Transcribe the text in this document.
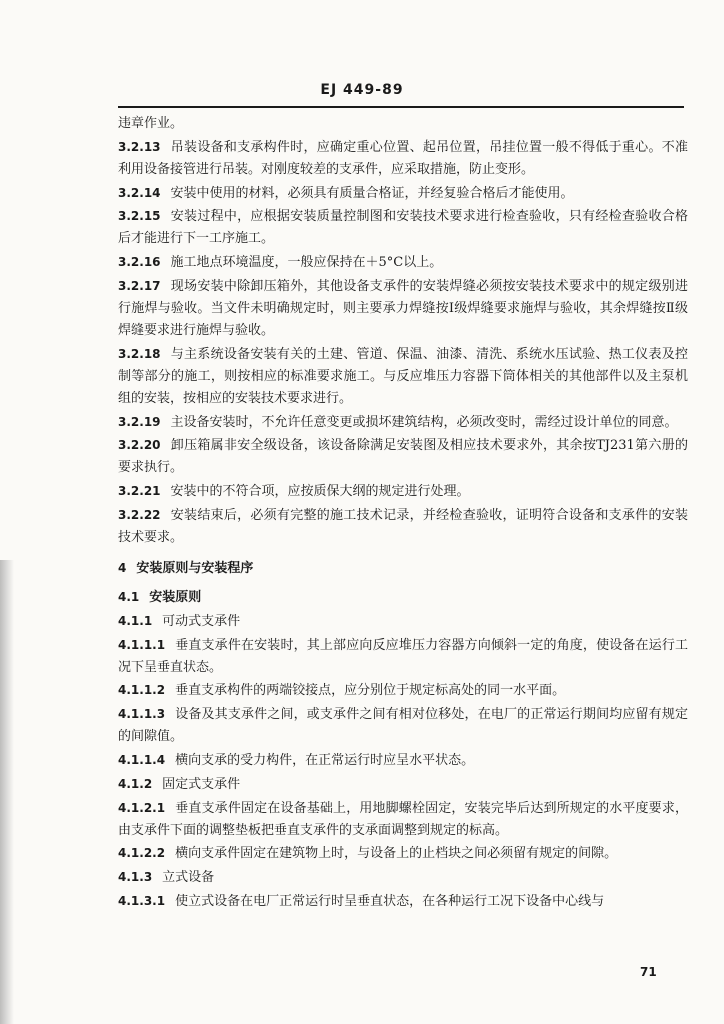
EJ 449-89

违章作业。

3.2.13 吊装设备和支承构件时，应确定重心位置、起吊位置，吊挂位置一般不得低于重心。不准利用设备接管进行吊装。对刚度较差的支承件，应采取措施，防止变形。

3.2.14 安装中使用的材料，必须具有质量合格证，并经复验合格后才能使用。

3.2.15 安装过程中，应根据安装质量控制图和安装技术要求进行检查验收，只有经检查验收合格后才能进行下一工序施工。

3.2.16 施工地点环境温度，一般应保持在＋5°C以上。

3.2.17 现场安装中除卸压箱外，其他设备支承件的安装焊缝必须按安装技术要求中的规定级别进行施焊与验收。当文件未明确规定时，则主要承力焊缝按Ⅰ级焊缝要求施焊与验收，其余焊缝按Ⅱ级焊缝要求进行施焊与验收。

3.2.18 与主系统设备安装有关的土建、管道、保温、油漆、清洗、系统水压试验、热工仪表及控制等部分的施工，则按相应的标准要求施工。与反应堆压力容器下筒体相关的其他部件以及主泵机组的安装，按相应的安装技术要求进行。

3.2.19 主设备安装时，不允许任意变更或损坏建筑结构，必须改变时，需经过设计单位的同意。

3.2.20 卸压箱属非安全级设备，该设备除满足安装图及相应技术要求外，其余按TJ231第六册的要求执行。

3.2.21 安装中的不符合项，应按质保大纲的规定进行处理。

3.2.22 安装结束后，必须有完整的施工技术记录，并经检查验收，证明符合设备和支承件的安装技术要求。

4 安装原则与安装程序

4.1 安装原则

4.1.1 可动式支承件

4.1.1.1 垂直支承件在安装时，其上部应向反应堆压力容器方向倾斜一定的角度，使设备在运行工况下呈垂直状态。

4.1.1.2 垂直支承构件的两端铰接点，应分别位于规定标高处的同一水平面。

4.1.1.3 设备及其支承件之间，或支承件之间有相对位移处，在电厂的正常运行期间均应留有规定的间隙值。

4.1.1.4 横向支承的受力构件，在正常运行时应呈水平状态。

4.1.2 固定式支承件

4.1.2.1 垂直支承件固定在设备基础上，用地脚螺栓固定，安装完毕后达到所规定的水平度要求，由支承件下面的调整垫板把垂直支承件的支承面调整到规定的标高。

4.1.2.2 横向支承件固定在建筑物上时，与设备上的止档块之间必须留有规定的间隙。

4.1.3 立式设备

4.1.3.1 使立式设备在电厂正常运行时呈垂直状态，在各种运行工况下设备中心线与

71
